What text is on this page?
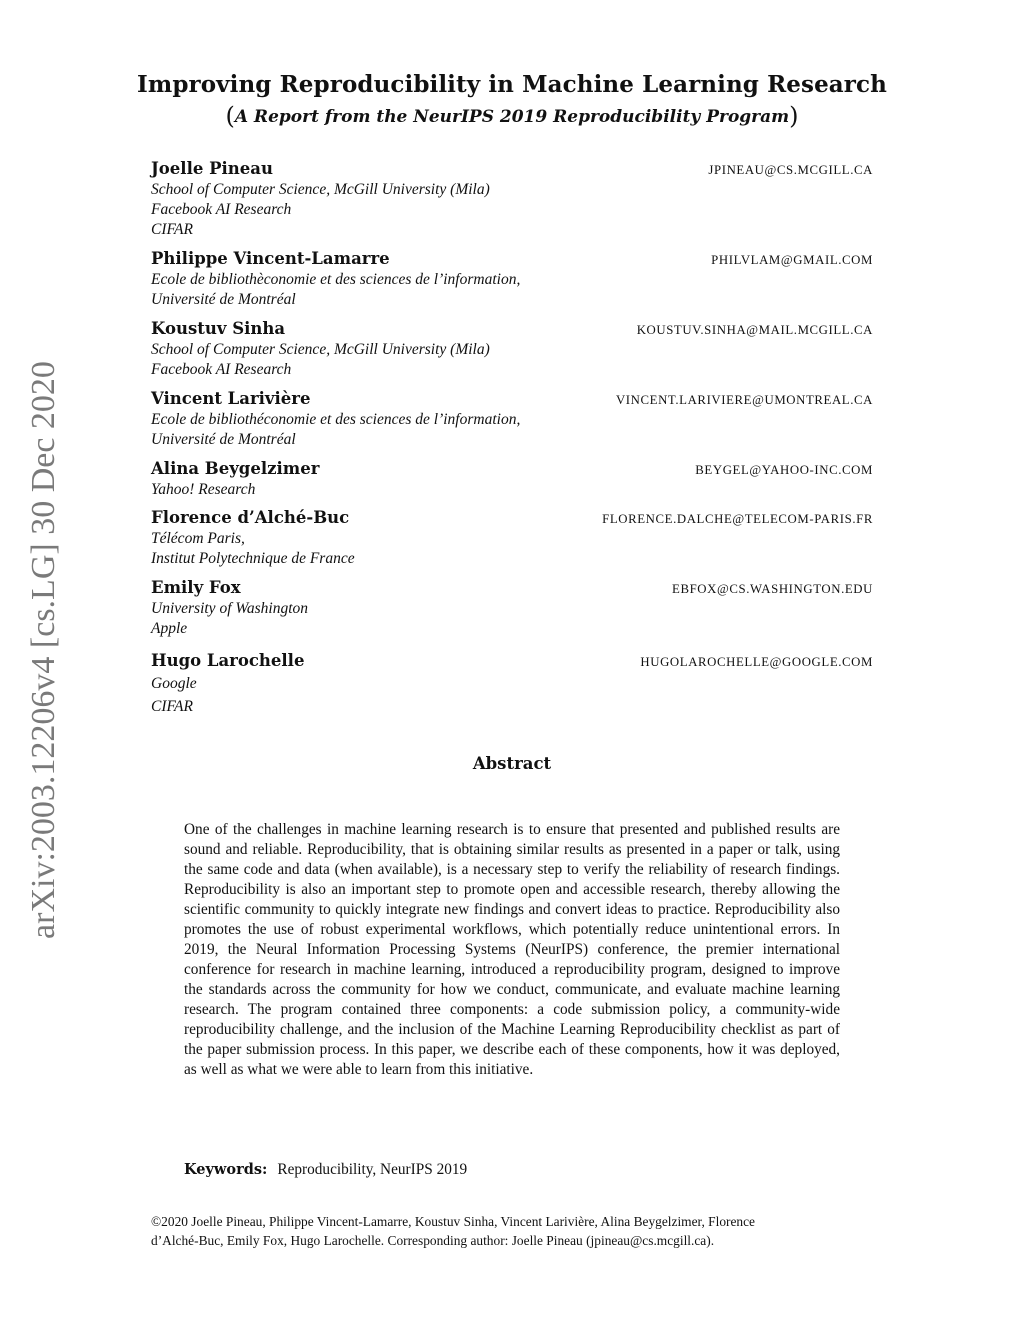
arXiv:2003.12206v4 [cs.LG] 30 Dec 2020
Improving Reproducibility in Machine Learning Research
(A Report from the NeurIPS 2019 Reproducibility Program)
Joelle Pineau	JPINEAU@CS.MCGILL.CA
School of Computer Science, McGill University (Mila)
Facebook AI Research
CIFAR
Philippe Vincent-Lamarre	PHILVLAM@GMAIL.COM
Ecole de bibliothèconomie et des sciences de l’information,
Université de Montréal
Koustuv Sinha	KOUSTUV.SINHA@MAIL.MCGILL.CA
School of Computer Science, McGill University (Mila)
Facebook AI Research
Vincent Larivière	VINCENT.LARIVIERE@UMONTREAL.CA
Ecole de bibliothéconomie et des sciences de l’information,
Université de Montréal
Alina Beygelzimer	BEYGEL@YAHOO-INC.COM
Yahoo! Research
Florence d’Alché-Buc	FLORENCE.DALCHE@TELECOM-PARIS.FR
Télécom Paris,
Institut Polytechnique de France
Emily Fox	EBFOX@CS.WASHINGTON.EDU
University of Washington
Apple
Hugo Larochelle	HUGOLAROCHELLE@GOOGLE.COM
Google
CIFAR
Abstract
One of the challenges in machine learning research is to ensure that presented and published results are sound and reliable. Reproducibility, that is obtaining similar results as presented in a paper or talk, using the same code and data (when available), is a necessary step to verify the reliability of research findings. Reproducibility is also an important step to promote open and accessible research, thereby allowing the scientific community to quickly integrate new findings and convert ideas to practice. Reproducibility also promotes the use of robust experimental workflows, which potentially reduce unintentional errors. In 2019, the Neural Information Processing Systems (NeurIPS) conference, the premier international conference for research in machine learning, introduced a reproducibility program, designed to improve the standards across the community for how we conduct, communicate, and evaluate machine learning research. The program contained three components: a code submission policy, a community-wide reproducibility challenge, and the inclusion of the Machine Learning Reproducibility checklist as part of the paper submission process. In this paper, we describe each of these components, how it was deployed, as well as what we were able to learn from this initiative.
Keywords: Reproducibility, NeurIPS 2019
©2020 Joelle Pineau, Philippe Vincent-Lamarre, Koustuv Sinha, Vincent Larivière, Alina Beygelzimer, Florence
d’Alché-Buc, Emily Fox, Hugo Larochelle. Corresponding author: Joelle Pineau (jpineau@cs.mcgill.ca).
